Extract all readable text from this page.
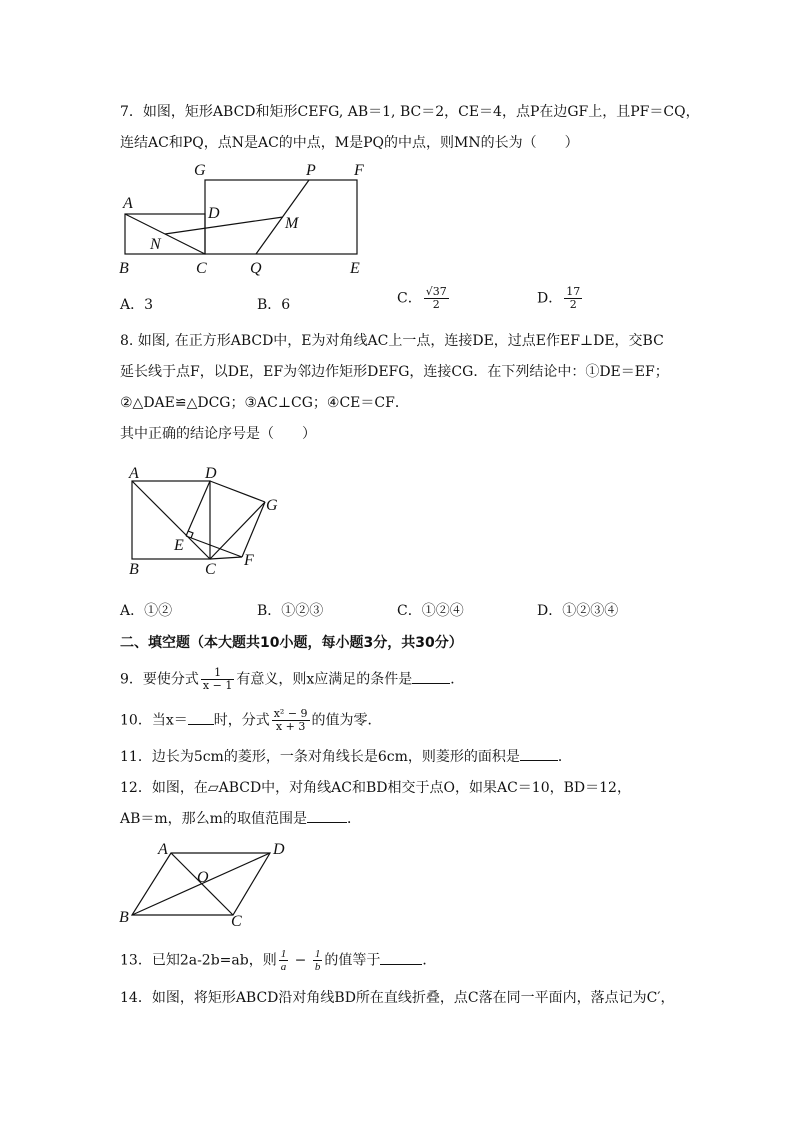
7．如图，矩形ABCD和矩形CEFG, AB＝1, BC＝2，CE＝4，点P在边GF上，且PF＝CQ，
连结AC和PQ，点N是AC的中点，M是PQ的中点，则MN的长为（　　）
G	P F
A
D
M
N
B	C	Q	E
A．3	B．6	C． $\frac{√37}{2}$	D． $\frac{17}{2}$
8. 如图, 在正方形ABCD中，E为对角线AC上一点，连接DE，过点E作EF⊥DE，交BC
延长线于点F，以DE，EF为邻边作矩形DEFG，连接CG．在下列结论中：①DE＝EF；
②△DAE≌△DCG；③AC⊥CG；④CE＝CF．
其中正确的结论序号是（　　）
A	D
G
E
B	C
F
A．①②	B．①②③	C．①②④	D．①②③④
二、填空题（本大题共10小题，每小题3分，共30分）
9．要使分式 $\frac{1}{x - 1}$ 有意义，则x应满足的条件是	．
10．当x＝ 时，分式 $\frac{\text{x² − 9}}{x + 3}$ 的值为零．
11．边长为5cm的菱形，一条对角线长是6cm，则菱形的面积是	．
12．如图，在▱ABCD中，对角线AC和BD相交于点O，如果AC＝10，BD＝12，
AB＝m，那么m的取值范围是	．
A	D
O
B	C
13．已知2a-2b=ab，则 $\frac{1}{a} - \frac{1}{b}$ 的值等于	．
14．如图，将矩形ABCD沿对角线BD所在直线折叠，点C落在同一平面内，落点记为C′，
